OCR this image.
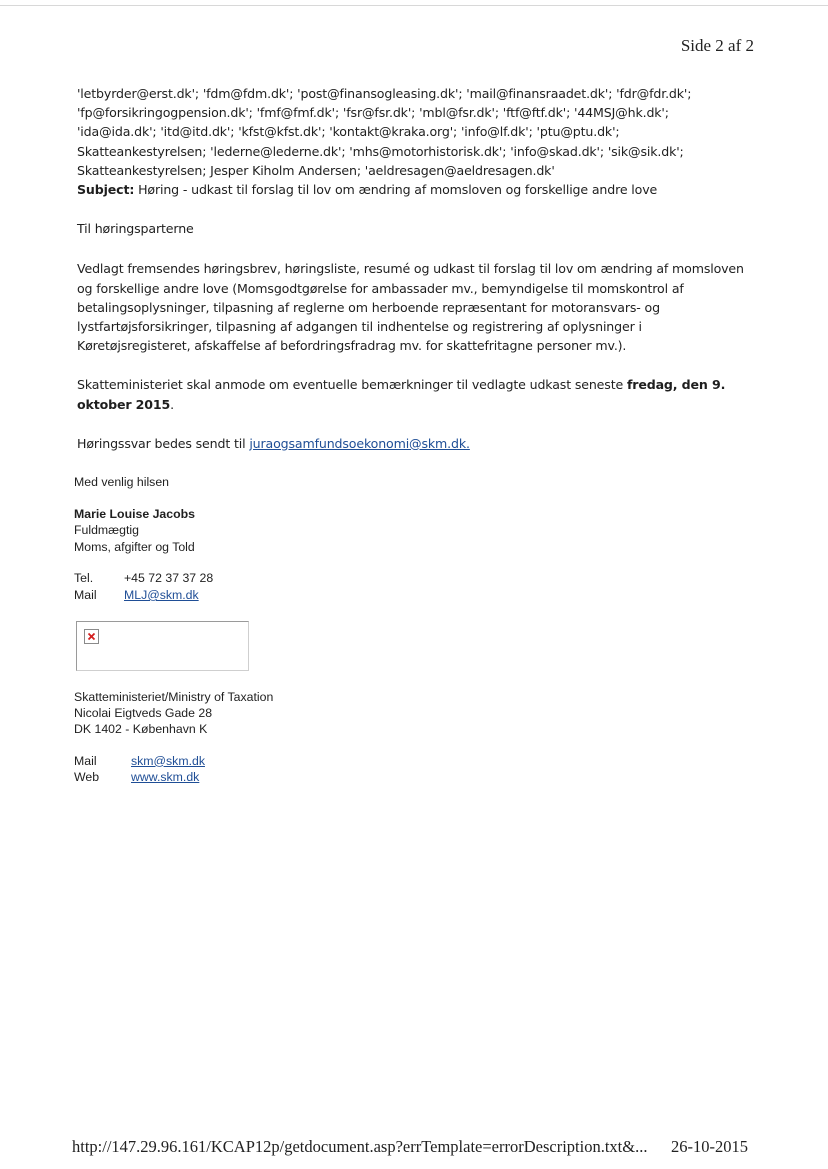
Side 2 af 2
'letbyrder@erst.dk'; 'fdm@fdm.dk'; 'post@finansogleasing.dk'; 'mail@finansraadet.dk'; 'fdr@fdr.dk';
'fp@forsikringogpension.dk'; 'fmf@fmf.dk'; 'fsr@fsr.dk'; 'mbl@fsr.dk'; 'ftf@ftf.dk'; '44MSJ@hk.dk';
'ida@ida.dk'; 'itd@itd.dk'; 'kfst@kfst.dk'; 'kontakt@kraka.org'; 'info@lf.dk'; 'ptu@ptu.dk';
Skatteankestyrelsen; 'lederne@lederne.dk'; 'mhs@motorhistorisk.dk'; 'info@skad.dk'; 'sik@sik.dk';
Skatteankestyrelsen; Jesper Kiholm Andersen; 'aeldresagen@aeldresagen.dk'
Subject: Høring - udkast til forslag til lov om ændring af momsloven og forskellige andre love

Til høringsparterne

Vedlagt fremsendes høringsbrev, høringsliste, resumé og udkast til forslag til lov om ændring af momsloven
og forskellige andre love (Momsgodtgørelse for ambassader mv., bemyndigelse til momskontrol af
betalingsoplysninger, tilpasning af reglerne om herboende repræsentant for motoransvars- og
lystfartøjsforsikringer, tilpasning af adgangen til indhentelse og registrering af oplysninger i
Køretøjsregisteret, afskaffelse af befordringsfradrag mv. for skattefritagne personer mv.).
Skatteministeriet skal anmode om eventuelle bemærkninger til vedlagte udkast seneste fredag, den 9.
oktober 2015.
Høringssvar bedes sendt til juraogsamfundsoekonomi@skm.dk.

Med venlig hilsen

Marie Louise Jacobs

Fuldmægtig

Moms, afgifter og Told

Tel.	+45 72 37 37 28
Mail	MLJ@skm.dk

Skatteministeriet/Ministry of Taxation

Nicolai Eigtveds Gade 28

DK 1402 - København K

Mail	skm@skm.dk
Web	www.skm.dk
http://147.29.96.161/KCAP12p/getdocument.asp?errTemplate=errorDescription.txt&... 26-10-2015
